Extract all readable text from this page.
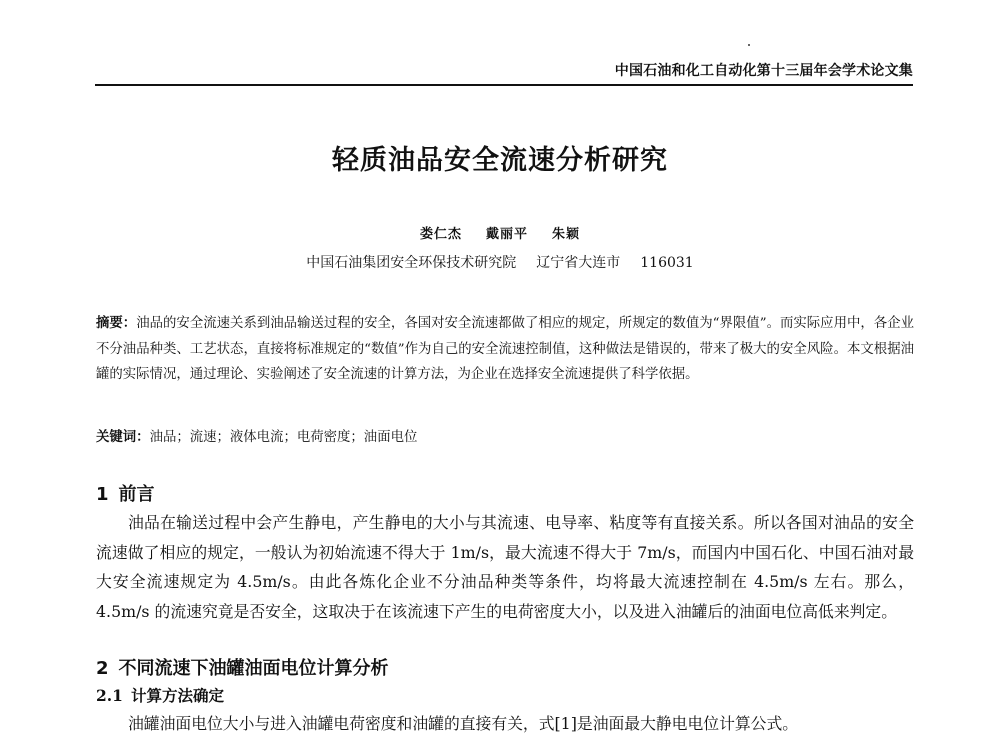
中国石油和化工自动化第十三届年会学术论文集
轻质油品安全流速分析研究
娄仁杰 戴丽平 朱颖
中国石油集团安全环保技术研究院 辽宁省大连市 116031

摘要：油品的安全流速关系到油品输送过程的安全，各国对安全流速都做了相应的规定，所规定的数值为“界限值”。而实际应用中，各企业不分油品种类、工艺状态，直接将标准规定的“数值”作为自己的安全流速控制值，这种做法是错误的，带来了极大的安全风险。本文根据油罐的实际情况，通过理论、实验阐述了安全流速的计算方法，为企业在选择安全流速提供了科学依据。

关键词：油品；流速；液体电流；电荷密度；油面电位

1 前言

油品在输送过程中会产生静电，产生静电的大小与其流速、电导率、粘度等有直接关系。所以各国对油品的安全流速做了相应的规定，一般认为初始流速不得大于 1m/s，最大流速不得大于 7m/s，而国内中国石化、中国石油对最大安全流速规定为 4.5m/s。由此各炼化企业不分油品种类等条件，均将最大流速控制在 4.5m/s 左右。那么，4.5m/s 的流速究竟是否安全，这取决于在该流速下产生的电荷密度大小，以及进入油罐后的油面电位高低来判定。

2 不同流速下油罐油面电位计算分析
2.1 计算方法确定

油罐油面电位大小与进入油罐电荷密度和油罐的直接有关，式[1]是油面最大静电电位计算公式。
